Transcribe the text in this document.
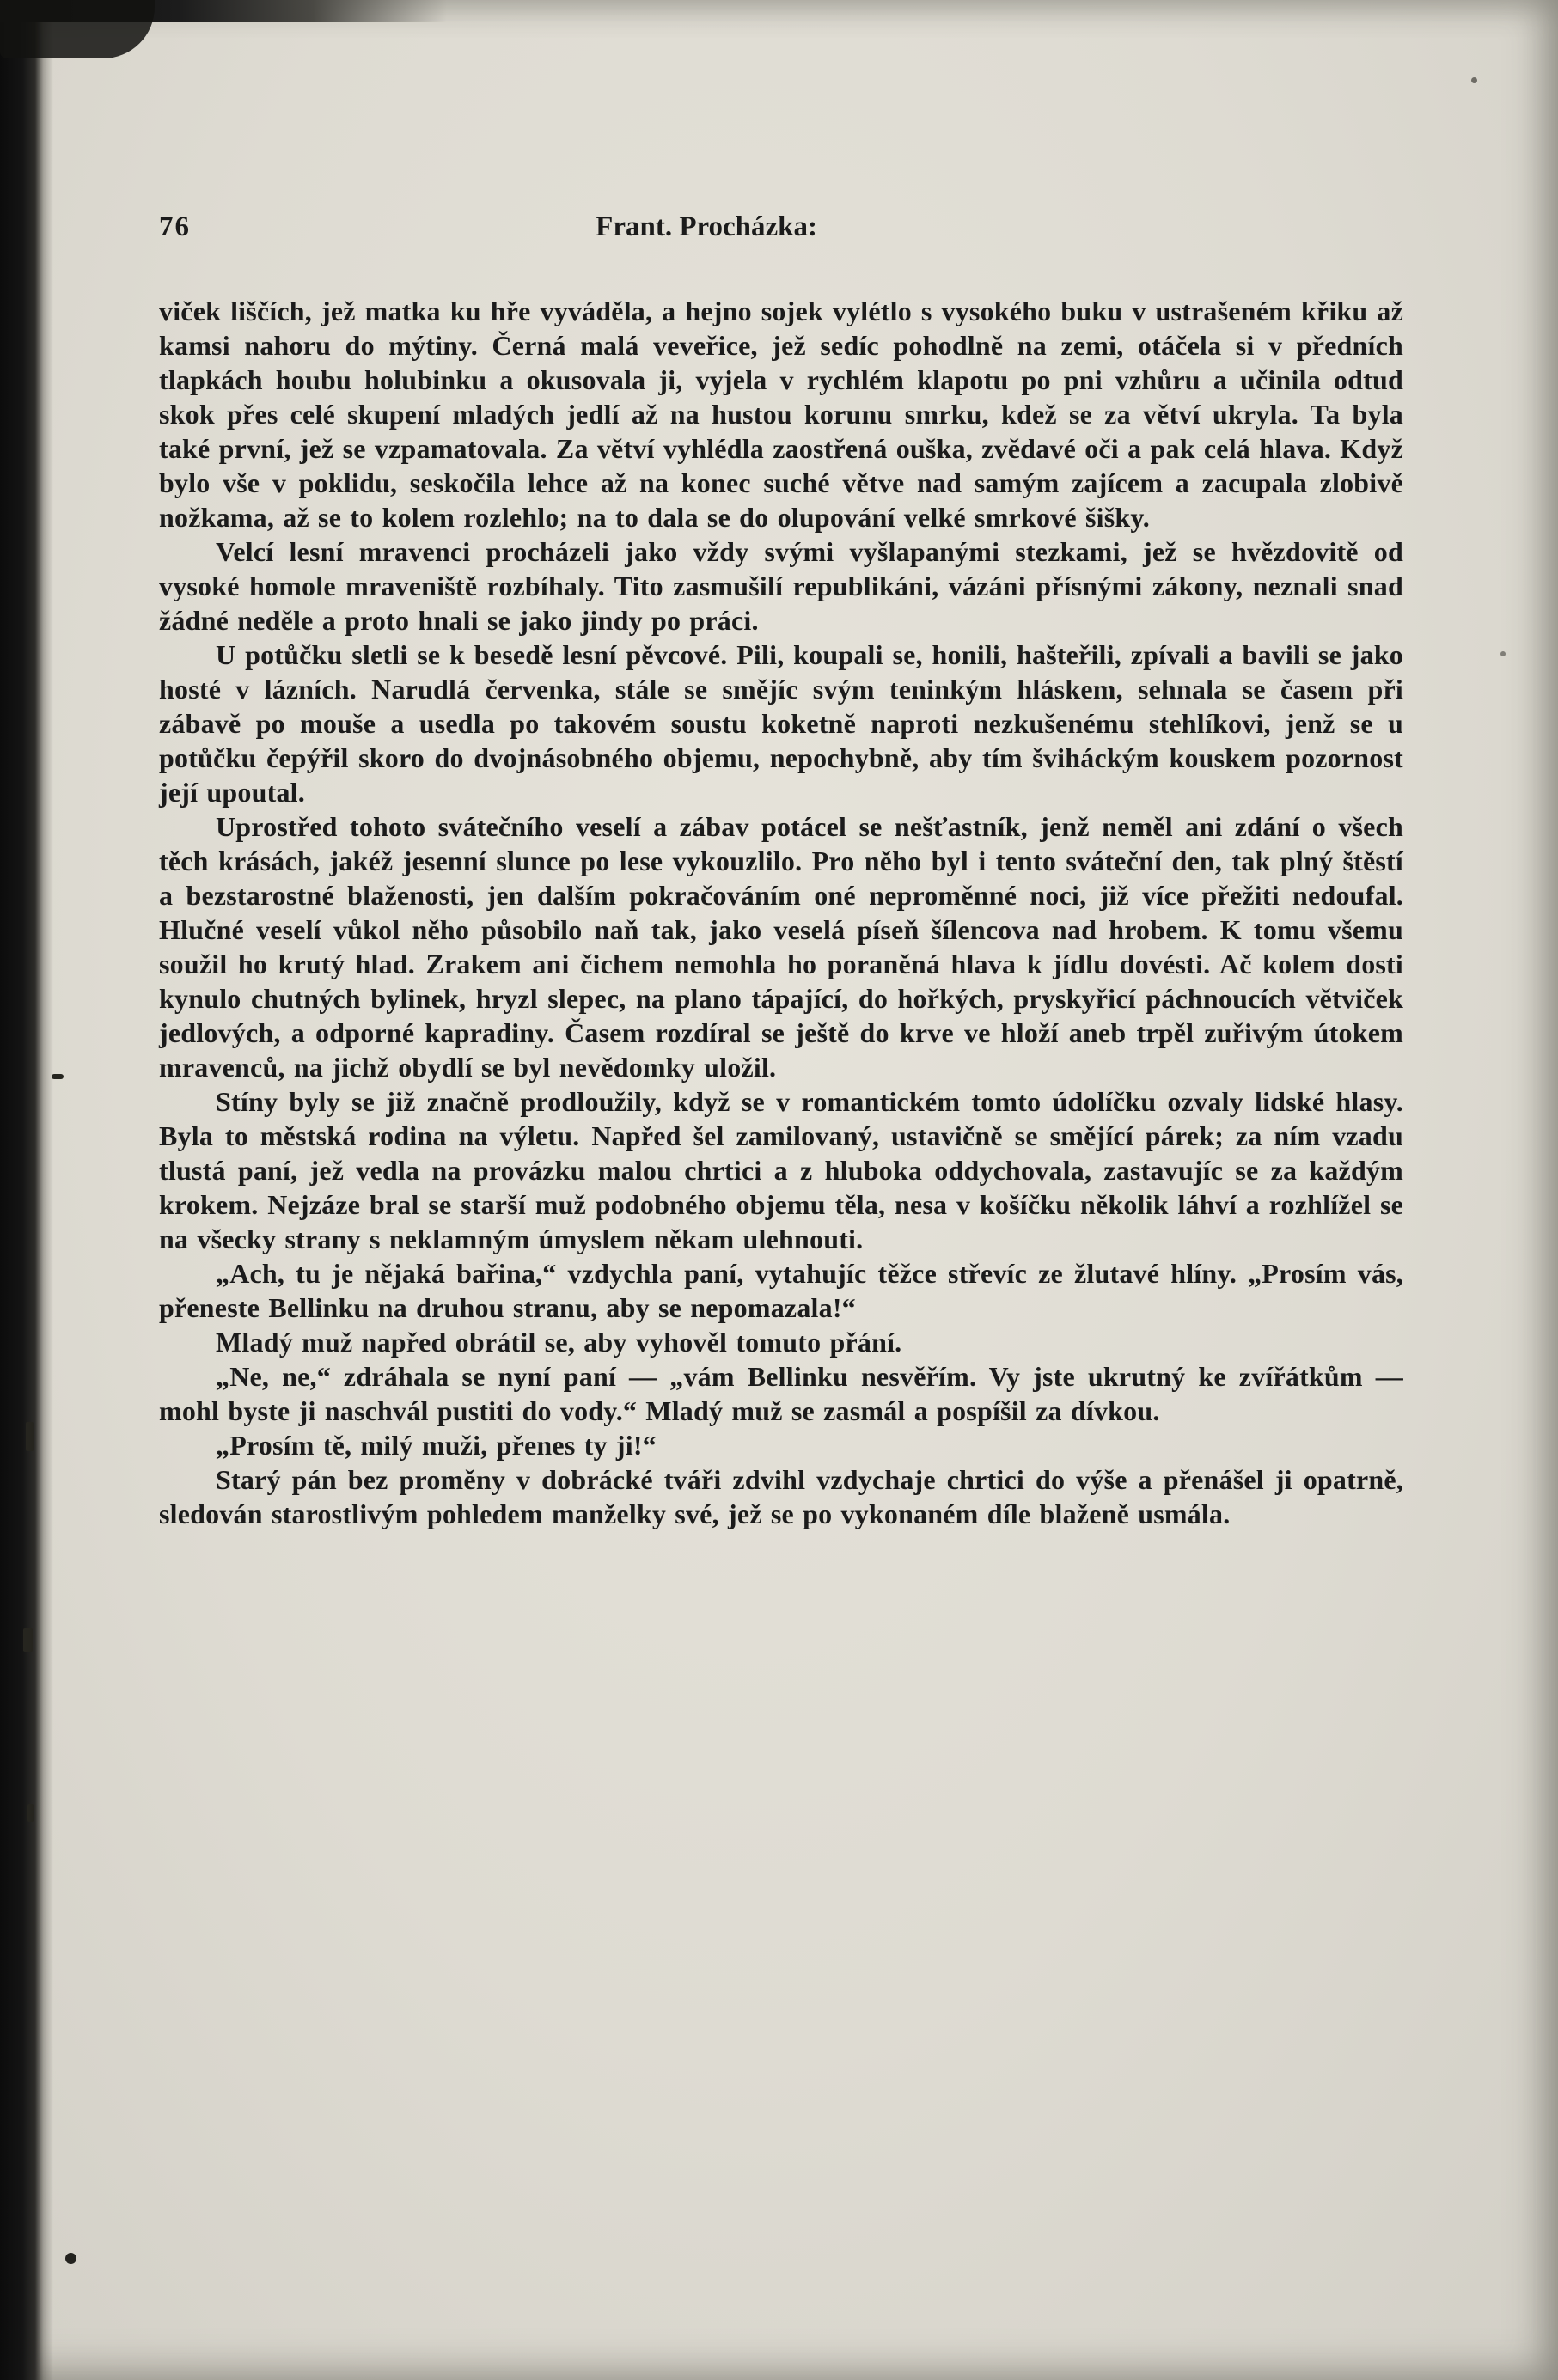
76	Frant. Procházka:

viček liščích, jež matka ku hře vyváděla, a hejno sojek vylétlo s vysokého buku v ustrašeném křiku až kamsi nahoru do mýtiny. Černá malá veveřice, jež sedíc pohodlně na zemi, otáčela si v předních tlapkách houbu holubinku a okusovala ji, vyjela v rychlém klapotu po pni vzhůru a učinila odtud skok přes celé skupení mladých jedlí až na hustou korunu smrku, kdež se za větví ukryla. Ta byla také první, jež se vzpamatovala. Za větví vyhlédla zaostřená ouška, zvědavé oči a pak celá hlava. Když bylo vše v poklidu, seskočila lehce až na konec suché větve nad samým zajícem a zacupala zlobivě nožkama, až se to kolem rozlehlo; na to dala se do olupování velké smrkové šišky.

Velcí lesní mravenci procházeli jako vždy svými vyšlapanými stezkami, jež se hvězdovitě od vysoké homole mraveniště rozbíhaly. Tito zasmušilí republikáni, vázáni přísnými zákony, neznali snad žádné neděle a proto hnali se jako jindy po práci.

U potůčku sletli se k besedě lesní pěvcové. Pili, koupali se, honili, hašteřili, zpívali a bavili se jako hosté v lázních. Narudlá červenka, stále se smějíc svým teninkým hláskem, sehnala se časem při zábavě po mouše a usedla po takovém soustu koketně naproti nezkušenému stehlíkovi, jenž se u potůčku čepýřil skoro do dvojnásobného objemu, nepochybně, aby tím šviháckým kouskem pozornost její upoutal.

Uprostřed tohoto svátečního veselí a zábav potácel se nešťastník, jenž neměl ani zdání o všech těch krásách, jakéž jesenní slunce po lese vykouzlilo. Pro něho byl i tento sváteční den, tak plný štěstí a bezstarostné blaženosti, jen dalším pokračováním oné neproměnné noci, již více přežiti nedoufal. Hlučné veselí vůkol něho působilo naň tak, jako veselá píseň šílencova nad hrobem. K tomu všemu soužil ho krutý hlad. Zrakem ani čichem nemohla ho poraněná hlava k jídlu dovésti. Ač kolem dosti kynulo chutných bylinek, hryzl slepec, na plano tápající, do hořkých, pryskyřicí páchnoucích větviček jedlových, a odporné kapradiny. Časem rozdíral se ještě do krve ve hloží aneb trpěl zuřivým útokem mravenců, na jichž obydlí se byl nevědomky uložil.

Stíny byly se již značně prodloužily, když se v romantickém tomto údolíčku ozvaly lidské hlasy. Byla to městská rodina na výletu. Napřed šel zamilovaný, ustavičně se smějící párek; za ním vzadu tlustá paní, jež vedla na provázku malou chrtici a z hluboka oddychovala, zastavujíc se za každým krokem. Nejzáze bral se starší muž podobného objemu těla, nesa v košíčku několik láhví a rozhlížel se na všecky strany s neklamným úmyslem někam ulehnouti.

„Ach, tu je nějaká bařina,“ vzdychla paní, vytahujíc těžce střevíc ze žlutavé hlíny. „Prosím vás, přeneste Bellinku na druhou stranu, aby se nepomazala!“

Mladý muž napřed obrátil se, aby vyhověl tomuto přání.

„Ne, ne,“ zdráhala se nyní paní — „vám Bellinku nesvěřím. Vy jste ukrutný ke zvířátkům — mohl byste ji naschvál pustiti do vody.“ Mladý muž se zasmál a pospíšil za dívkou.

„Prosím tě, milý muži, přenes ty ji!“

Starý pán bez proměny v dobrácké tváři zdvihl vzdychaje chrtici do výše a přenášel ji opatrně, sledován starostlivým pohledem manželky své, jež se po vykonaném díle blaženě usmála.
